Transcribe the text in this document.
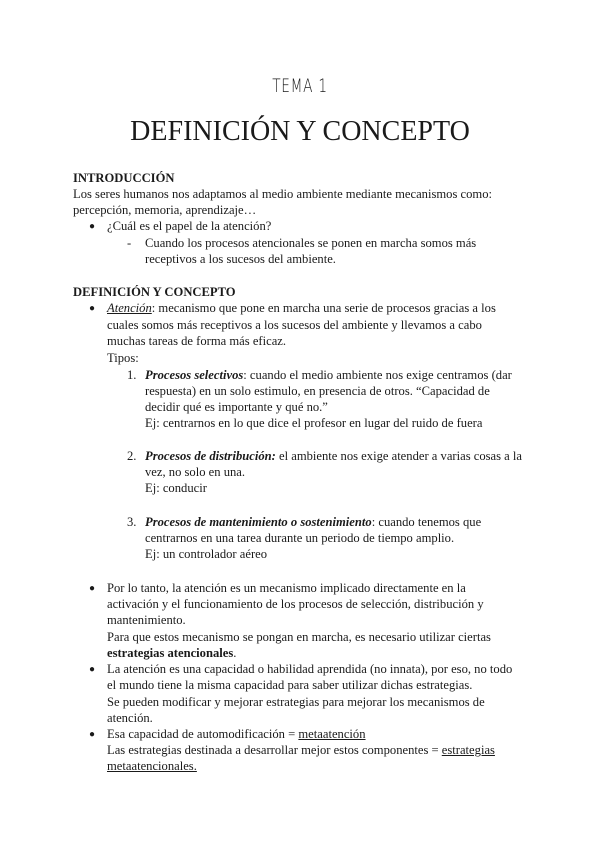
TEMA 1
DEFINICIÓN Y CONCEPTO
INTRODUCCIÓN
Los seres humanos nos adaptamos al medio ambiente mediante mecanismos como:
percepción, memoria, aprendizaje…
● ¿Cuál es el papel de la atención?
- Cuando los procesos atencionales se ponen en marcha somos más
receptivos a los sucesos del ambiente.
DEFINICIÓN Y CONCEPTO
● Atención: mecanismo que pone en marcha una serie de procesos gracias a los
cuales somos más receptivos a los sucesos del ambiente y llevamos a cabo
muchas tareas de forma más eficaz.
Tipos:
1. Procesos selectivos: cuando el medio ambiente nos exige centramos (dar
respuesta) en un solo estimulo, en presencia de otros. “Capacidad de
decidir qué es importante y qué no.”
Ej: centrarnos en lo que dice el profesor en lugar del ruido de fuera
2. Procesos de distribución: el ambiente nos exige atender a varias cosas a la
vez, no solo en una.
Ej: conducir
3. Procesos de mantenimiento o sostenimiento: cuando tenemos que
centrarnos en una tarea durante un periodo de tiempo amplio.
Ej: un controlador aéreo
● Por lo tanto, la atención es un mecanismo implicado directamente en la
activación y el funcionamiento de los procesos de selección, distribución y
mantenimiento.
Para que estos mecanismo se pongan en marcha, es necesario utilizar ciertas
estrategias atencionales.
● La atención es una capacidad o habilidad aprendida (no innata), por eso, no todo
el mundo tiene la misma capacidad para saber utilizar dichas estrategias.
Se pueden modificar y mejorar estrategias para mejorar los mecanismos de
atención.
● Esa capacidad de automodificación = metaatención
Las estrategias destinada a desarrollar mejor estos componentes = estrategias
metaatencionales.
